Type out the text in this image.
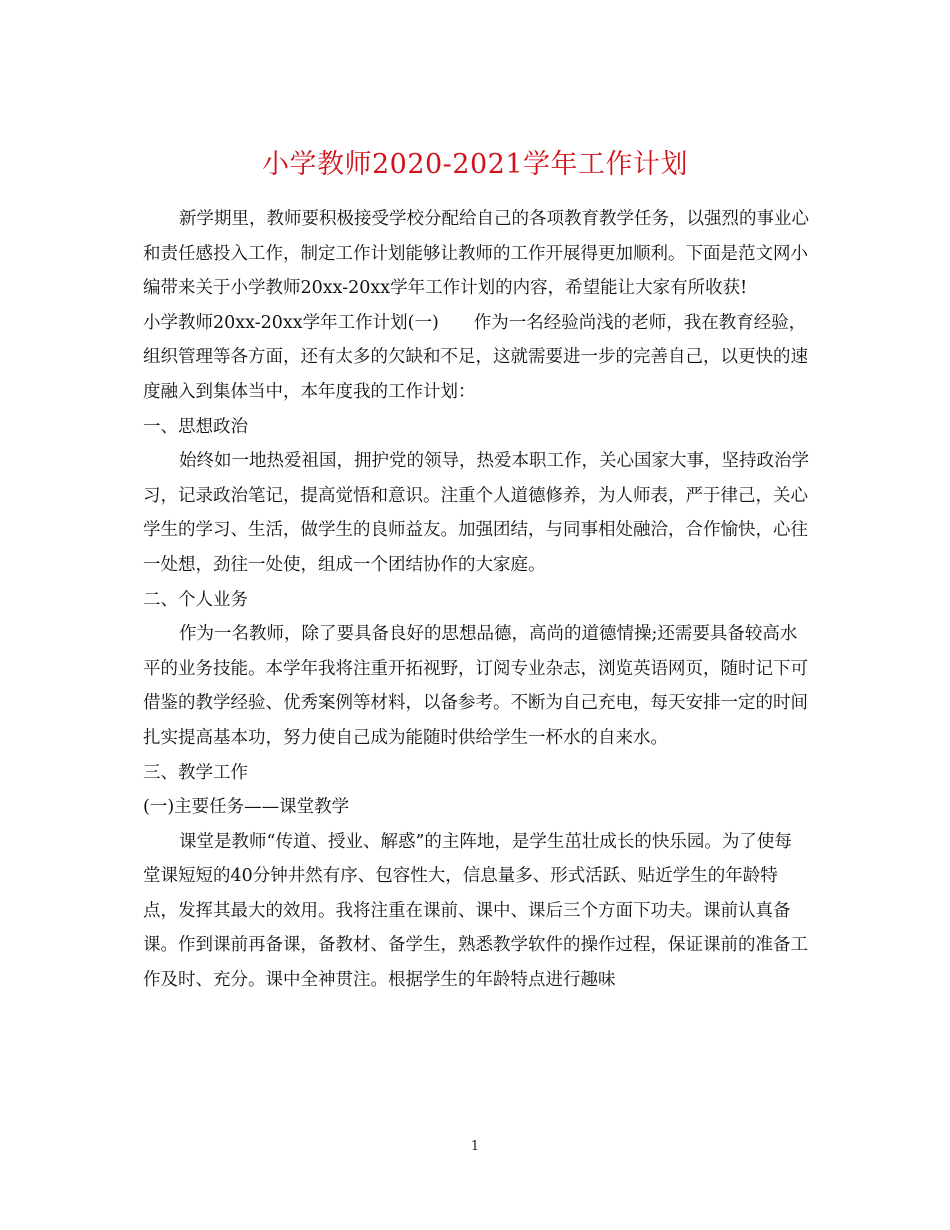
小学教师2020-2021学年工作计划

新学期里，教师要积极接受学校分配给自己的各项教育教学任务，以强烈的事业心和责任感投入工作，制定工作计划能够让教师的工作开展得更加顺利。下面是范文网小编带来关于小学教师20xx-20xx学年工作计划的内容，希望能让大家有所收获!

小学教师20xx-20xx学年工作计划(一)　　作为一名经验尚浅的老师，我在教育经验，组织管理等各方面，还有太多的欠缺和不足，这就需要进一步的完善自己，以更快的速度融入到集体当中，本年度我的工作计划：

一、思想政治

始终如一地热爱祖国，拥护党的领导，热爱本职工作，关心国家大事，坚持政治学习，记录政治笔记，提高觉悟和意识。注重个人道德修养，为人师表，严于律己，关心学生的学习、生活，做学生的良师益友。加强团结，与同事相处融洽，合作愉快，心往一处想，劲往一处使，组成一个团结协作的大家庭。

二、个人业务

作为一名教师，除了要具备良好的思想品德，高尚的道德情操;还需要具备较高水平的业务技能。本学年我将注重开拓视野，订阅专业杂志，浏览英语网页，随时记下可借鉴的教学经验、优秀案例等材料，以备参考。不断为自己充电，每天安排一定的时间扎实提高基本功，努力使自己成为能随时供给学生一杯水的自来水。

三、教学工作

(一)主要任务——课堂教学

课堂是教师“传道、授业、解惑”的主阵地，是学生茁壮成长的快乐园。为了使每堂课短短的40分钟井然有序、包容性大，信息量多、形式活跃、贴近学生的年龄特点，发挥其最大的效用。我将注重在课前、课中、课后三个方面下功夫。课前认真备课。作到课前再备课，备教材、备学生，熟悉教学软件的操作过程，保证课前的准备工作及时、充分。课中全神贯注。根据学生的年龄特点进行趣味

1
